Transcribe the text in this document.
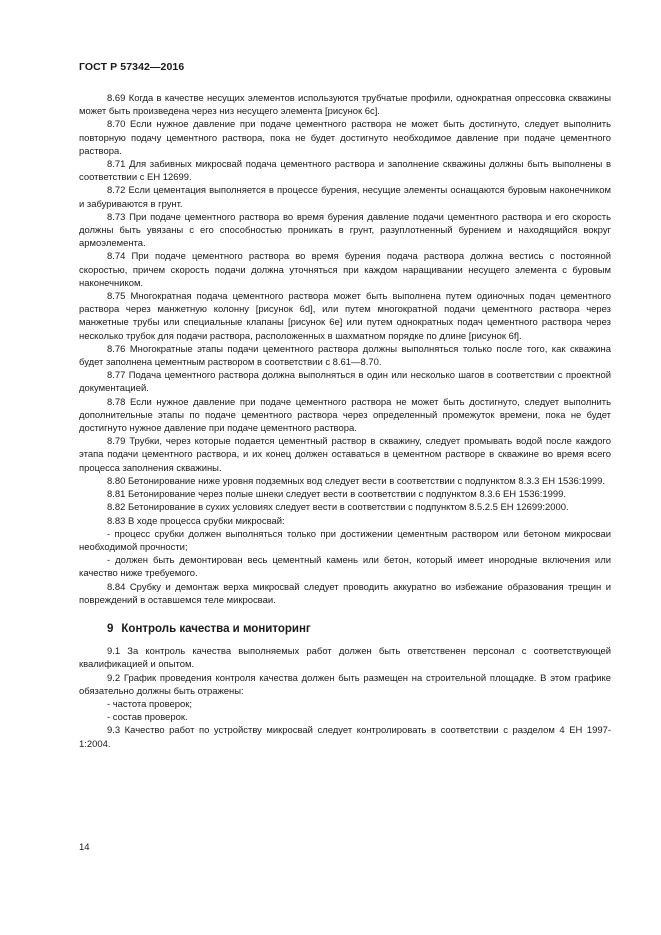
ГОСТ Р 57342—2016

8.69 Когда в качестве несущих элементов используются трубчатые профили, однократная опрессовка скважины может быть произведена через низ несущего элемента [рисунок 6c].

8.70 Если нужное давление при подаче цементного раствора не может быть достигнуто, следует выполнить повторную подачу цементного раствора, пока не будет достигнуто необходимое давление при подаче цементного раствора.

8.71 Для забивных микросвай подача цементного раствора и заполнение скважины должны быть выполнены в соответствии с ЕН 12699.

8.72 Если цементация выполняется в процессе бурения, несущие элементы оснащаются буровым наконечником и забуриваются в грунт.

8.73 При подаче цементного раствора во время бурения давление подачи цементного раствора и его скорость должны быть увязаны с его способностью проникать в грунт, разуплотненный бурением и находящийся вокруг армоэлемента.

8.74 При подаче цементного раствора во время бурения подача раствора должна вестись с постоянной скоростью, причем скорость подачи должна уточняться при каждом наращивании несущего элемента с буровым наконечником.

8.75 Многократная подача цементного раствора может быть выполнена путем одиночных подач цементного раствора через манжетную колонну [рисунок 6d], или путем многократной подачи цементного раствора через манжетные трубы или специальные клапаны [рисунок 6e] или путем однократных подач цементного раствора через несколько трубок для подачи раствора, расположенных в шахматном порядке по длине [рисунок 6f].

8.76 Многократные этапы подачи цементного раствора должны выполняться только после того, как скважина будет заполнена цементным раствором в соответствии с 8.61—8.70.

8.77 Подача цементного раствора должна выполняться в один или несколько шагов в соответствии с проектной документацией.

8.78 Если нужное давление при подаче цементного раствора не может быть достигнуто, следует выполнить дополнительные этапы по подаче цементного раствора через определенный промежуток времени, пока не будет достигнуто нужное давление при подаче цементного раствора.

8.79 Трубки, через которые подается цементный раствор в скважину, следует промывать водой после каждого этапа подачи цементного раствора, и их конец должен оставаться в цементном растворе в скважине во время всего процесса заполнения скважины.

8.80 Бетонирование ниже уровня подземных вод следует вести в соответствии с подпунктом 8.3.3 ЕН 1536:1999.

8.81 Бетонирование через полые шнеки следует вести в соответствии с подпунктом 8.3.6 ЕН 1536:1999.

8.82 Бетонирование в сухих условиях следует вести в соответствии с подпунктом 8.5.2.5 ЕН 12699:2000.

8.83 В ходе процесса срубки микросвай:

- процесс срубки должен выполняться только при достижении цементным раствором или бетоном микросваи необходимой прочности;

- должен быть демонтирован весь цементный камень или бетон, который имеет инородные включения или качество ниже требуемого.

8.84 Срубку и демонтаж верха микросвай следует проводить аккуратно во избежание образования трещин и повреждений в оставшемся теле микросваи.

9 Контроль качества и мониторинг

9.1 За контроль качества выполняемых работ должен быть ответственен персонал с соответствующей квалификацией и опытом.

9.2 График проведения контроля качества должен быть размещен на строительной площадке. В этом графике обязательно должны быть отражены:

- частота проверок;

- состав проверок.

9.3 Качество работ по устройству микросвай следует контролировать в соответствии с разделом 4 ЕН 1997-1:2004.

14
